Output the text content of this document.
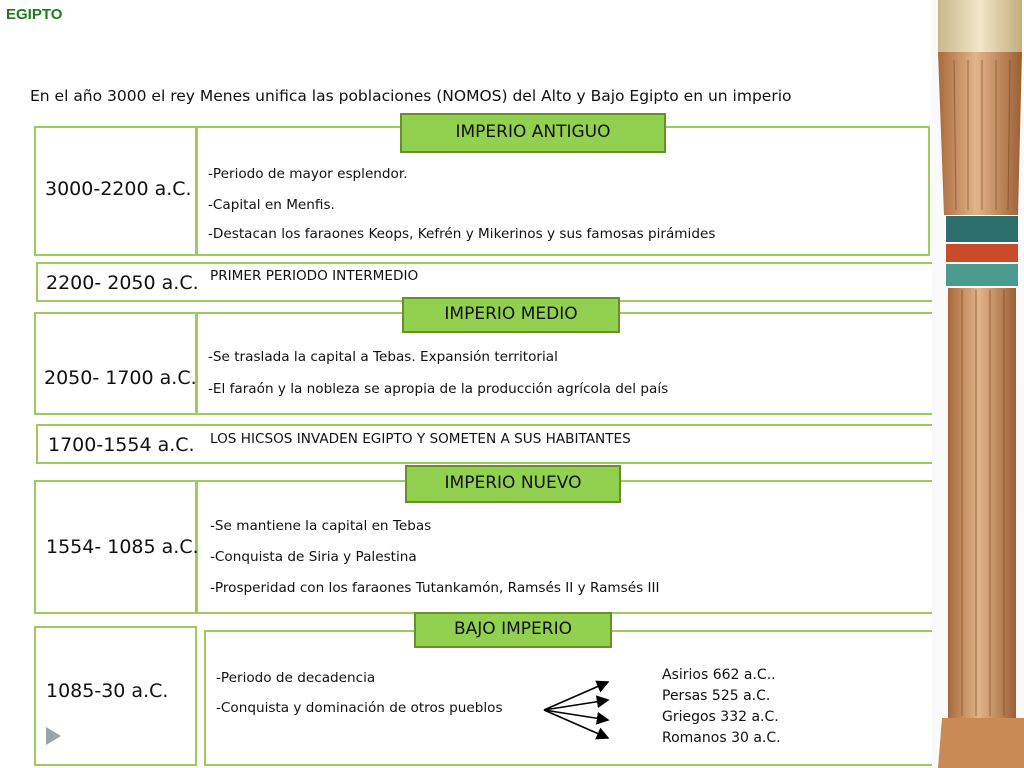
EGIPTO
En el año 3000 el rey Menes unifica las poblaciones (NOMOS) del Alto y Bajo Egipto en un imperio
3000-2200 a.C.
-Periodo de mayor esplendor.
-Capital en Menfis.
-Destacan los faraones Keops, Kefrén y Mikerinos y sus famosas pirámides
IMPERIO ANTIGUO
2200- 2050 a.C. PRIMER PERIODO INTERMEDIO
2050- 1700 a.C.
-Se traslada la capital a Tebas. Expansión territorial
-El faraón y la nobleza se apropia de la producción agrícola del país
IMPERIO MEDIO
1700-1554 a.C. LOS HICSOS INVADEN EGIPTO Y SOMETEN A SUS HABITANTES
1554- 1085 a.C.
-Se mantiene la capital en Tebas
-Conquista de Siria y Palestina
-Prosperidad con los faraones Tutankamón, Ramsés II y Ramsés III
IMPERIO NUEVO
1085-30 a.C.
-Periodo de decadencia
-Conquista y dominación de otros pueblos
BAJO IMPERIO
Asirios 662 a.C..
Persas 525 a.C.
Griegos 332 a.C.
Romanos 30 a.C.
